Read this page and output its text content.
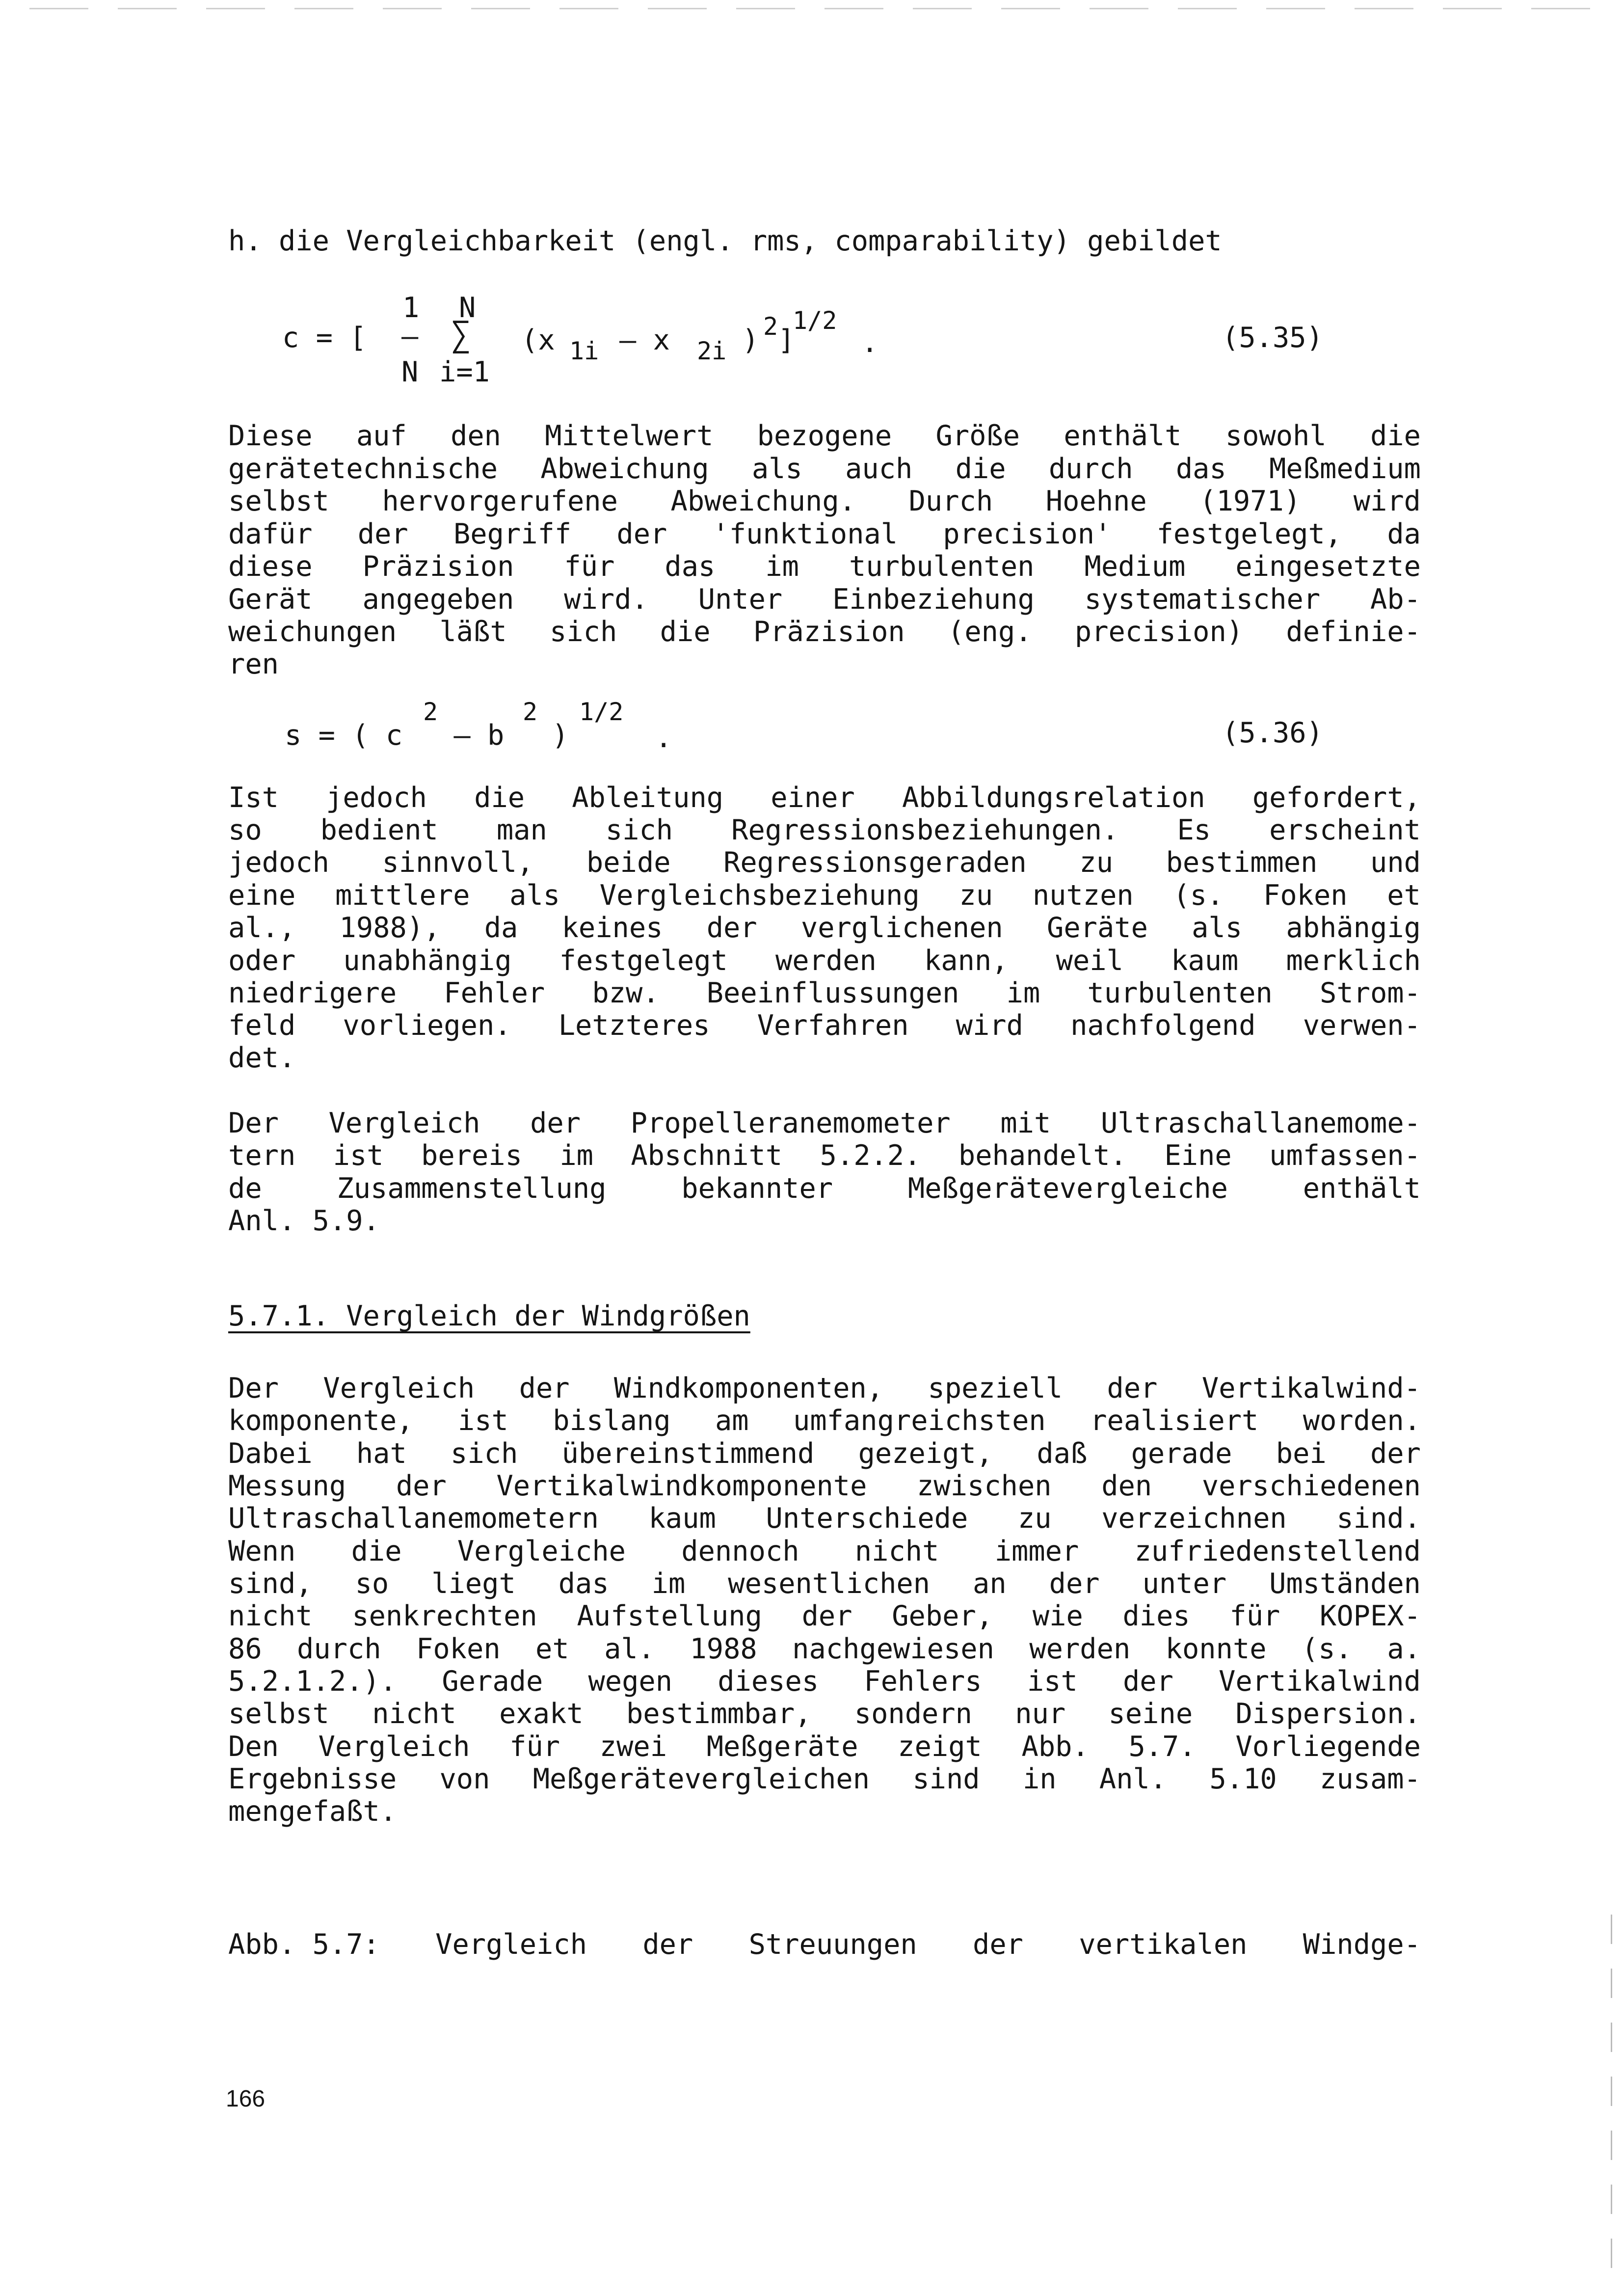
h. die Vergleichbarkeit (engl. rms, comparability) gebildet
c = [
1
–
N
N
∑
i=1
(x 1i – x 2i ) 2 ]
1/2
.	(5.35)
Diese auf den Mittelwert bezogene Größe enthält sowohl die
gerätetechnische Abweichung als auch die durch das Meßmedium
selbst hervorgerufene Abweichung. Durch Hoehne (1971) wird
dafür der Begriff der 'funktional precision' festgelegt, da
diese Präzision für das im turbulenten Medium eingesetzte
Gerät angegeben wird. Unter Einbeziehung systematischer Ab-
weichungen läßt sich die Präzision (eng. precision) definie-
ren
s = ( c
2
– b
2
)
1/2
.	(5.36)
Ist jedoch die Ableitung einer Abbildungsrelation gefordert,
so bedient man sich Regressionsbeziehungen. Es erscheint
jedoch sinnvoll, beide Regressionsgeraden zu bestimmen und
eine mittlere als Vergleichsbeziehung zu nutzen (s. Foken et
al., 1988), da keines der verglichenen Geräte als abhängig
oder unabhängig festgelegt werden kann, weil kaum merklich
niedrigere Fehler bzw. Beeinflussungen im turbulenten Strom-
feld vorliegen. Letzteres Verfahren wird nachfolgend verwen-
det.
Der Vergleich der Propelleranemometer mit Ultraschallanemome-
tern ist bereis im Abschnitt 5.2.2. behandelt. Eine umfassen-
de	Zusammenstellung	bekannter	Meßgerätevergleiche	enthält
Anl. 5.9.
5.7.1. Vergleich der Windgrößen
Der Vergleich der Windkomponenten, speziell der Vertikalwind-
komponente, ist bislang am umfangreichsten realisiert worden.
Dabei hat sich übereinstimmend gezeigt, daß gerade bei der
Messung der Vertikalwindkomponente zwischen den verschiedenen
Ultraschallanemometern kaum Unterschiede zu verzeichnen sind.
Wenn die Vergleiche dennoch nicht immer zufriedenstellend
sind, so liegt das im wesentlichen an der unter Umständen
nicht senkrechten Aufstellung der Geber, wie dies für KOPEX-
86 durch Foken et al. 1988 nachgewiesen werden konnte (s. a.
5.2.1.2.). Gerade wegen dieses Fehlers ist der Vertikalwind
selbst nicht exakt bestimmbar, sondern nur seine Dispersion.
Den Vergleich für zwei Meßgeräte zeigt Abb. 5.7. Vorliegende
Ergebnisse von Meßgerätevergleichen sind in Anl. 5.10 zusam-
mengefaßt.
Abb. 5.7: Vergleich der Streuungen der vertikalen Windge-
166
